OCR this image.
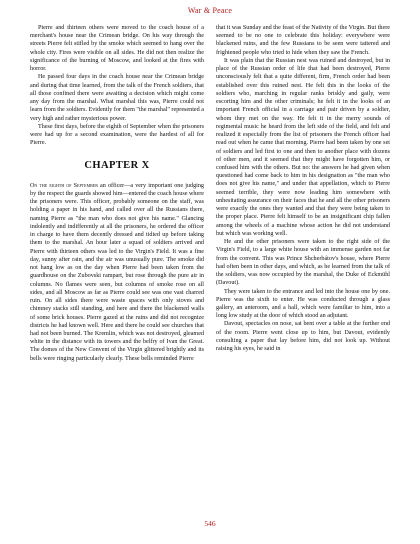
War & Peace

Pierre and thirteen others were moved to the coach house of a merchant's house near the Crimean bridge. On his way through the streets Pierre felt stifled by the smoke which seemed to hang over the whole city. Fires were visible on all sides. He did not then realize the significance of the burning of Moscow, and looked at the fires with horror.

He passed four days in the coach house near the Crimean bridge and during that time learned, from the talk of the French soldiers, that all those confined there were awaiting a decision which might come any day from the marshal. What marshal this was, Pierre could not learn from the soldiers. Evidently for them "the marshal" represented a very high and rather mysterious power.

These first days, before the eighth of September when the prisoners were had up for a second examination, were the hardest of all for Pierre.

CHAPTER X

On the eighth of September an officer—a very important one judging by the respect the guards showed him—entered the coach house where the prisoners were. This officer, probably someone on the staff, was holding a paper in his hand, and called over all the Russians there, naming Pierre as "the man who does not give his name." Glancing indolently and indifferently at all the prisoners, he ordered the officer in charge to have them decently dressed and tidied up before taking them to the marshal. An hour later a squad of soldiers arrived and Pierre with thirteen others was led to the Virgin's Field. It was a fine day, sunny after rain, and the air was unusually pure. The smoke did not hang low as on the day when Pierre had been taken from the guardhouse on the Zubovski rampart, but rose through the pure air in columns. No flames were seen, but columns of smoke rose on all sides, and all Moscow as far as Pierre could see was one vast charred ruin. On all sides there were waste spaces with only stoves and chimney stacks still standing, and here and there the blackened walls of some brick houses. Pierre gazed at the ruins and did not recognize districts he had known well. Here and there he could see churches that had not been burned. The Kremlin, which was not destroyed, gleamed white in the distance with its towers and the belfry of Ivan the Great. The domes of the New Convent of the Virgin glittered brightly and its bells were ringing particularly clearly. These bells reminded Pierre

that it was Sunday and the feast of the Nativity of the Virgin. But there seemed to be no one to celebrate this holiday: everywhere were blackened ruins, and the few Russians to be seen were tattered and frightened people who tried to hide when they saw the French.

It was plain that the Russian nest was ruined and destroyed, but in place of the Russian order of life that had been destroyed, Pierre unconsciously felt that a quite different, firm, French order had been established over this ruined nest. He felt this in the looks of the soldiers who, marching in regular ranks briskly and gaily, were escorting him and the other criminals; he felt it in the looks of an important French official in a carriage and pair driven by a soldier, whom they met on the way. He felt it in the merry sounds of regimental music he heard from the left side of the field, and felt and realized it especially from the list of prisoners the French officer had read out when he came that morning. Pierre had been taken by one set of soldiers and led first to one and then to another place with dozens of other men, and it seemed that they might have forgotten him, or confused him with the others. But no: the answers he had given when questioned had come back to him in his designation as "the man who does not give his name," and under that appellation, which to Pierre seemed terrible, they were now leading him somewhere with unhesitating assurance on their faces that he and all the other prisoners were exactly the ones they wanted and that they were being taken to the proper place. Pierre felt himself to be an insignificant chip fallen among the wheels of a machine whose action he did not understand but which was working well.

He and the other prisoners were taken to the right side of the Virgin's Field, to a large white house with an immense garden not far from the convent. This was Prince Shcherbátov's house, where Pierre had often been in other days, and which, as he learned from the talk of the soldiers, was now occupied by the marshal, the Duke of Eckmühl (Davout).

They were taken to the entrance and led into the house one by one. Pierre was the sixth to enter. He was conducted through a glass gallery, an anteroom, and a hall, which were familiar to him, into a long low study at the door of which stood an adjutant.

Davout, spectacles on nose, sat bent over a table at the further end of the room. Pierre went close up to him, but Davout, evidently consulting a paper that lay before him, did not look up. Without raising his eyes, he said in

546
